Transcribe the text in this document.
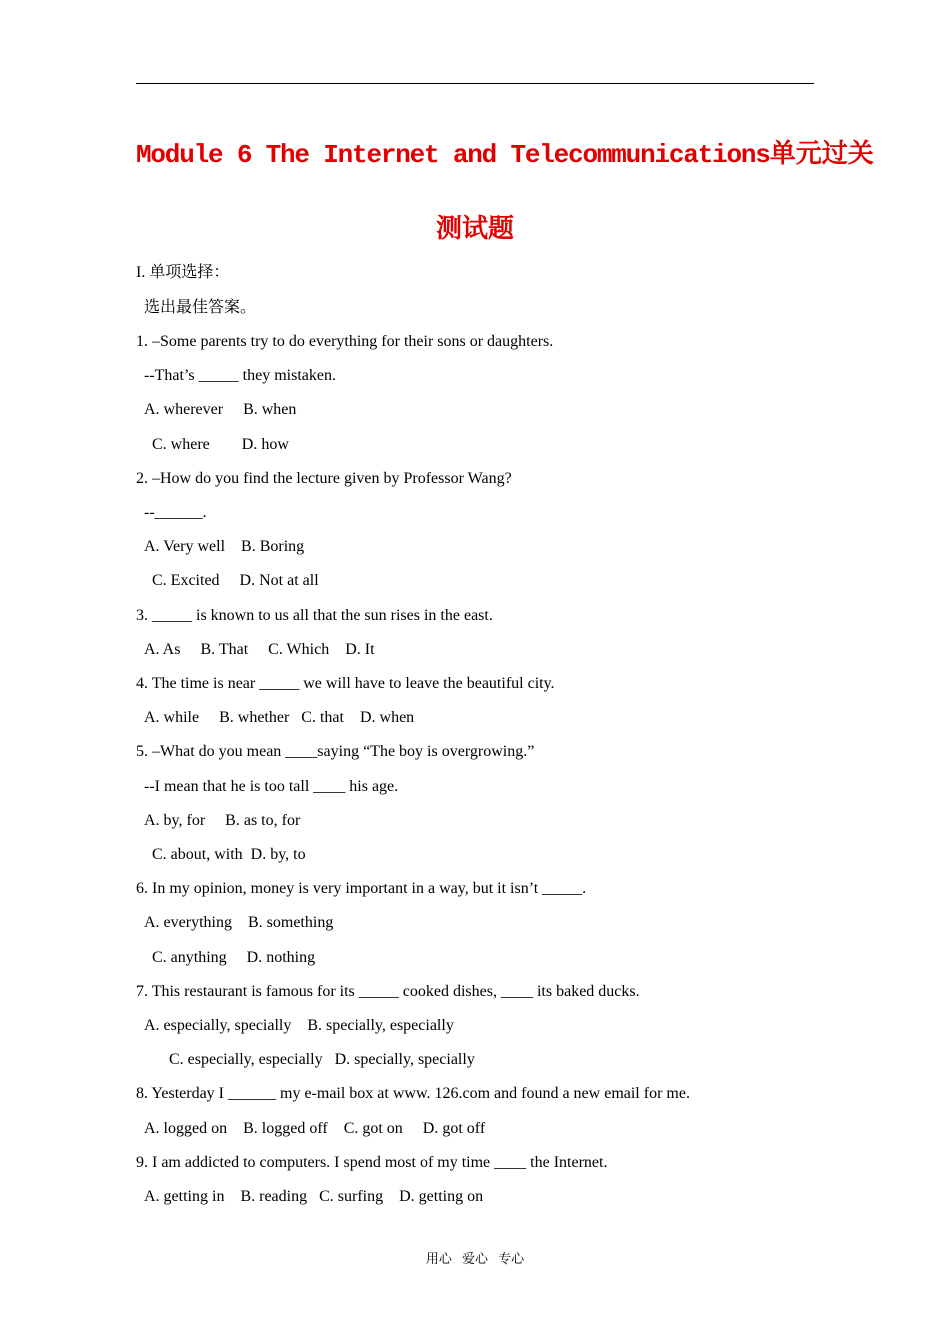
Module 6 The Internet and Telecommunications单元过关
测试题
I. 单项选择：
选出最佳答案。
1. –Some parents try to do everything for their sons or daughters.
--That’s _____ they mistaken.
A. wherever     B. when
C. where        D. how
2. –How do you find the lecture given by Professor Wang?
--______.
A. Very well    B. Boring
C. Excited     D. Not at all
3. _____ is known to us all that the sun rises in the east.
A. As     B. That     C. Which    D. It
4. The time is near _____ we will have to leave the beautiful city.
A. while     B. whether   C. that    D. when
5. –What do you mean ____saying “The boy is overgrowing.”
--I mean that he is too tall ____ his age.
A. by, for     B. as to, for
C. about, with  D. by, to
6. In my opinion, money is very important in a way, but it isn’t _____.
A. everything    B. something
C. anything     D. nothing
7. This restaurant is famous for its _____ cooked dishes, ____ its baked ducks.
A. especially, specially    B. specially, especially
C. especially, especially   D. specially, specially
8. Yesterday I ______ my e-mail box at www. 126.com and found a new email for me.
A. logged on    B. logged off    C. got on     D. got off
9. I am addicted to computers. I spend most of my time ____ the Internet.
A. getting in    B. reading   C. surfing    D. getting on
用心 爱心 专心
